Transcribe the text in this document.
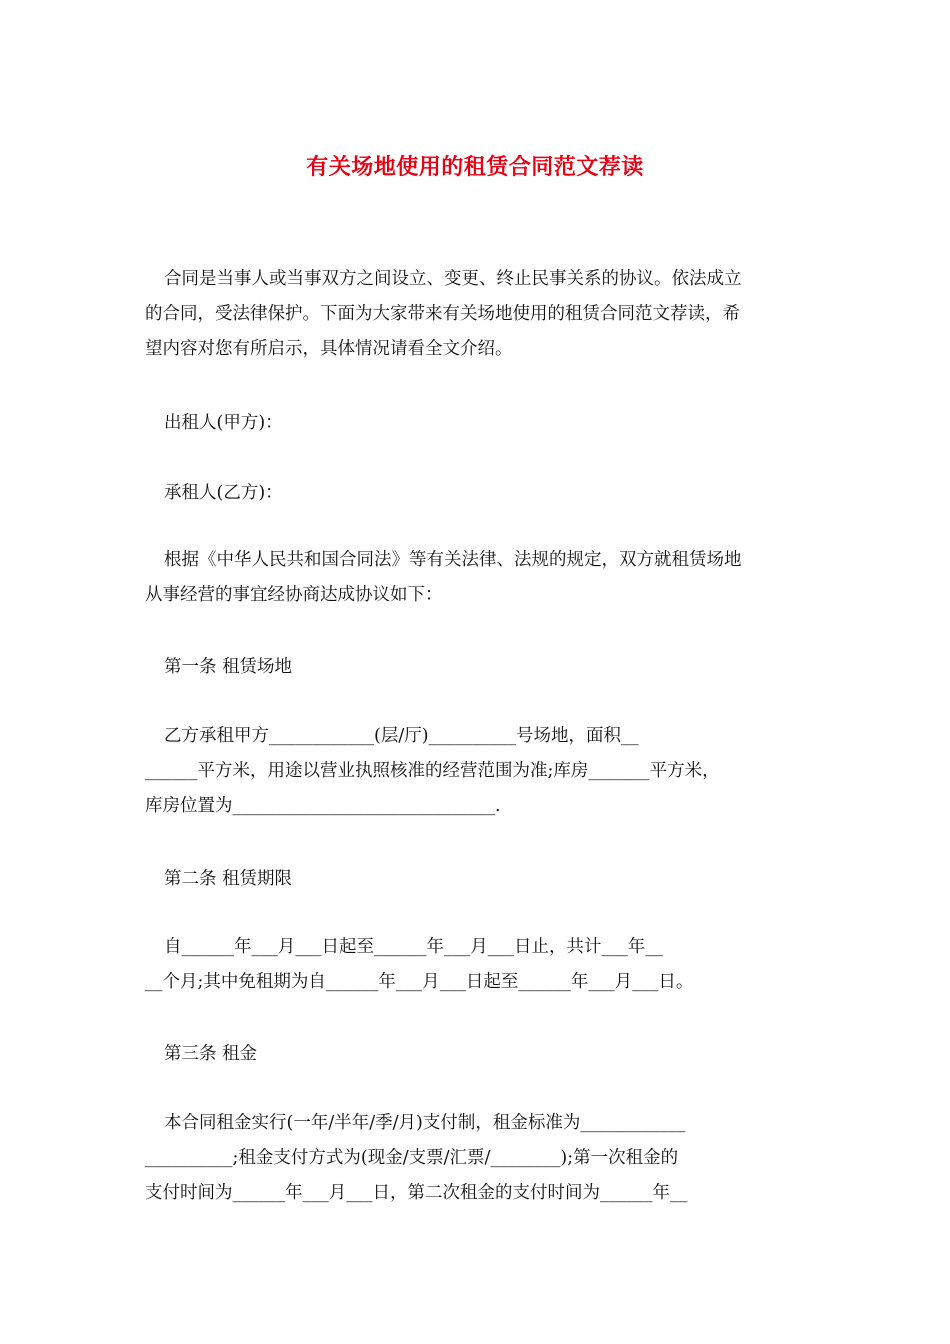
有关场地使用的租赁合同范文荐读
合同是当事人或当事双方之间设立、变更、终止民事关系的协议。依法成立
的合同，受法律保护。下面为大家带来有关场地使用的租赁合同范文荐读，希
望内容对您有所启示，具体情况请看全文介绍。
出租人(甲方)：
承租人(乙方)：
根据《中华人民共和国合同法》等有关法律、法规的规定，双方就租赁场地
从事经营的事宜经协商达成协议如下：
第一条 租赁场地
乙方承租甲方____________(层/厅)__________号场地，面积__
______平方米，用途以营业执照核准的经营范围为准;库房_______平方米，
库房位置为______________________________.
第二条 租赁期限
自______年___月___日起至______年___月___日止，共计___年__
__个月;其中免租期为自______年___月___日起至______年___月___日。
第三条 租金
本合同租金实行(一年/半年/季/月)支付制，租金标准为____________
__________;租金支付方式为(现金/支票/汇票/________);第一次租金的
支付时间为______年___月___日，第二次租金的支付时间为______年__
